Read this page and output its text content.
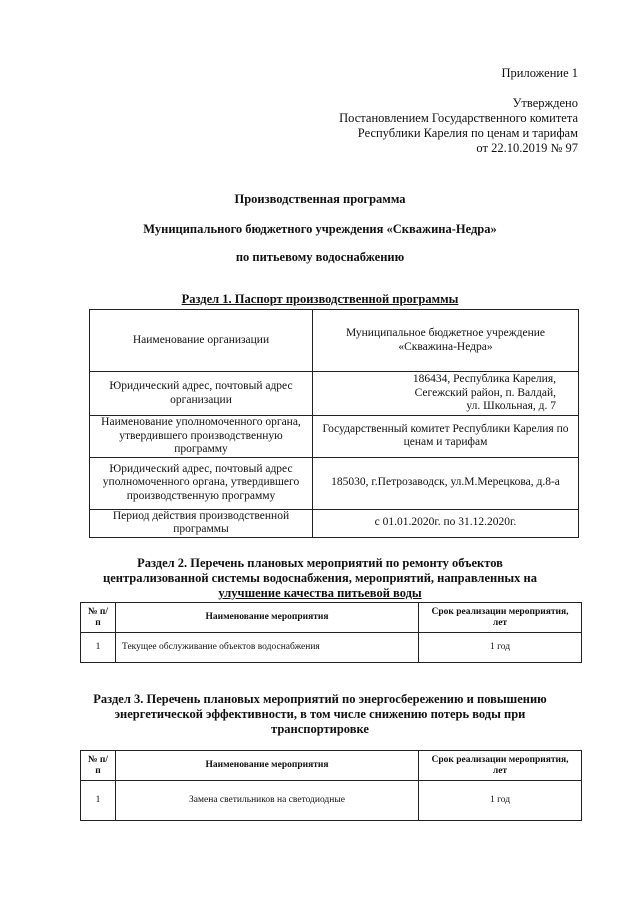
Приложение 1
Утверждено
Постановлением Государственного комитета
Республики Карелия по ценам и тарифам
от 22.10.2019 № 97
Производственная программа
Муниципального бюджетного учреждения «Скважина-Недра»
по питьевому водоснабжению
Раздел 1. Паспорт производственной программы
Наименование организации	Муниципальное бюджетное учреждение «Скважина-Недра»
Юридический адрес, почтовый адрес организации	186434, Республика Карелия,
Сегежский район, п. Валдай,
ул. Школьная, д. 7

Наименование уполномоченного органа, утвердившего производственную программу	Государственный комитет Республики Карелия по ценам и тарифам
Юридический адрес, почтовый адрес уполномоченного органа, утвердившего производственную программу	185030, г.Петрозаводск, ул.М.Мерецкова, д.8-а
Период действия производственной программы	с 01.01.2020г. по 31.12.2020г.
Раздел 2. Перечень плановых мероприятий по ремонту объектов
централизованной системы водоснабжения, мероприятий, направленных на
улучшение качества питьевой воды
№ п/п	Наименование мероприятия	Срок реализации мероприятия, лет
1	Текущее обслуживание объектов водоснабжения	1 год
Раздел 3. Перечень плановых мероприятий по энергосбережению и повышению
энергетической эффективности, в том числе снижению потерь воды при
транспортировке
№ п/п	Наименование мероприятия	Срок реализации мероприятия, лет
1	Замена светильников на светодиодные	1 год
